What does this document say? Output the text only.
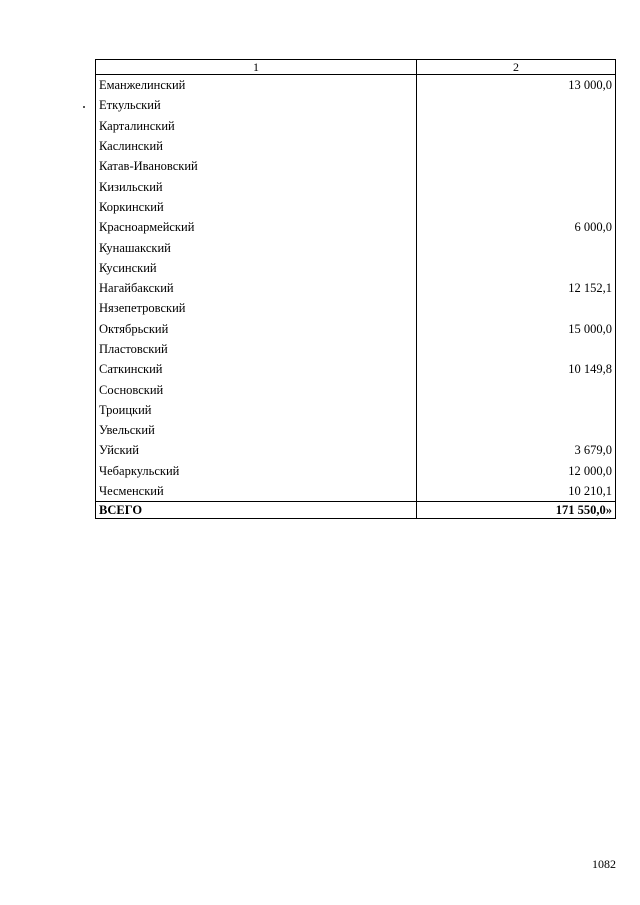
1	2
Еманжелинский	13 000,0
Еткульский	
Карталинский	
Каслинский	
Катав-Ивановский	
Кизильский	
Коркинский	
Красноармейский	6 000,0
Кунашакский	
Кусинский	
Нагайбакский	12 152,1
Нязепетровский	
Октябрьский	15 000,0
Пластовский	
Саткинский	10 149,8
Сосновский	
Троицкий	
Увельский	
Уйский	3 679,0
Чебаркульский	12 000,0
Чесменский	10 210,1
ВСЕГО	171 550,0»
1082
